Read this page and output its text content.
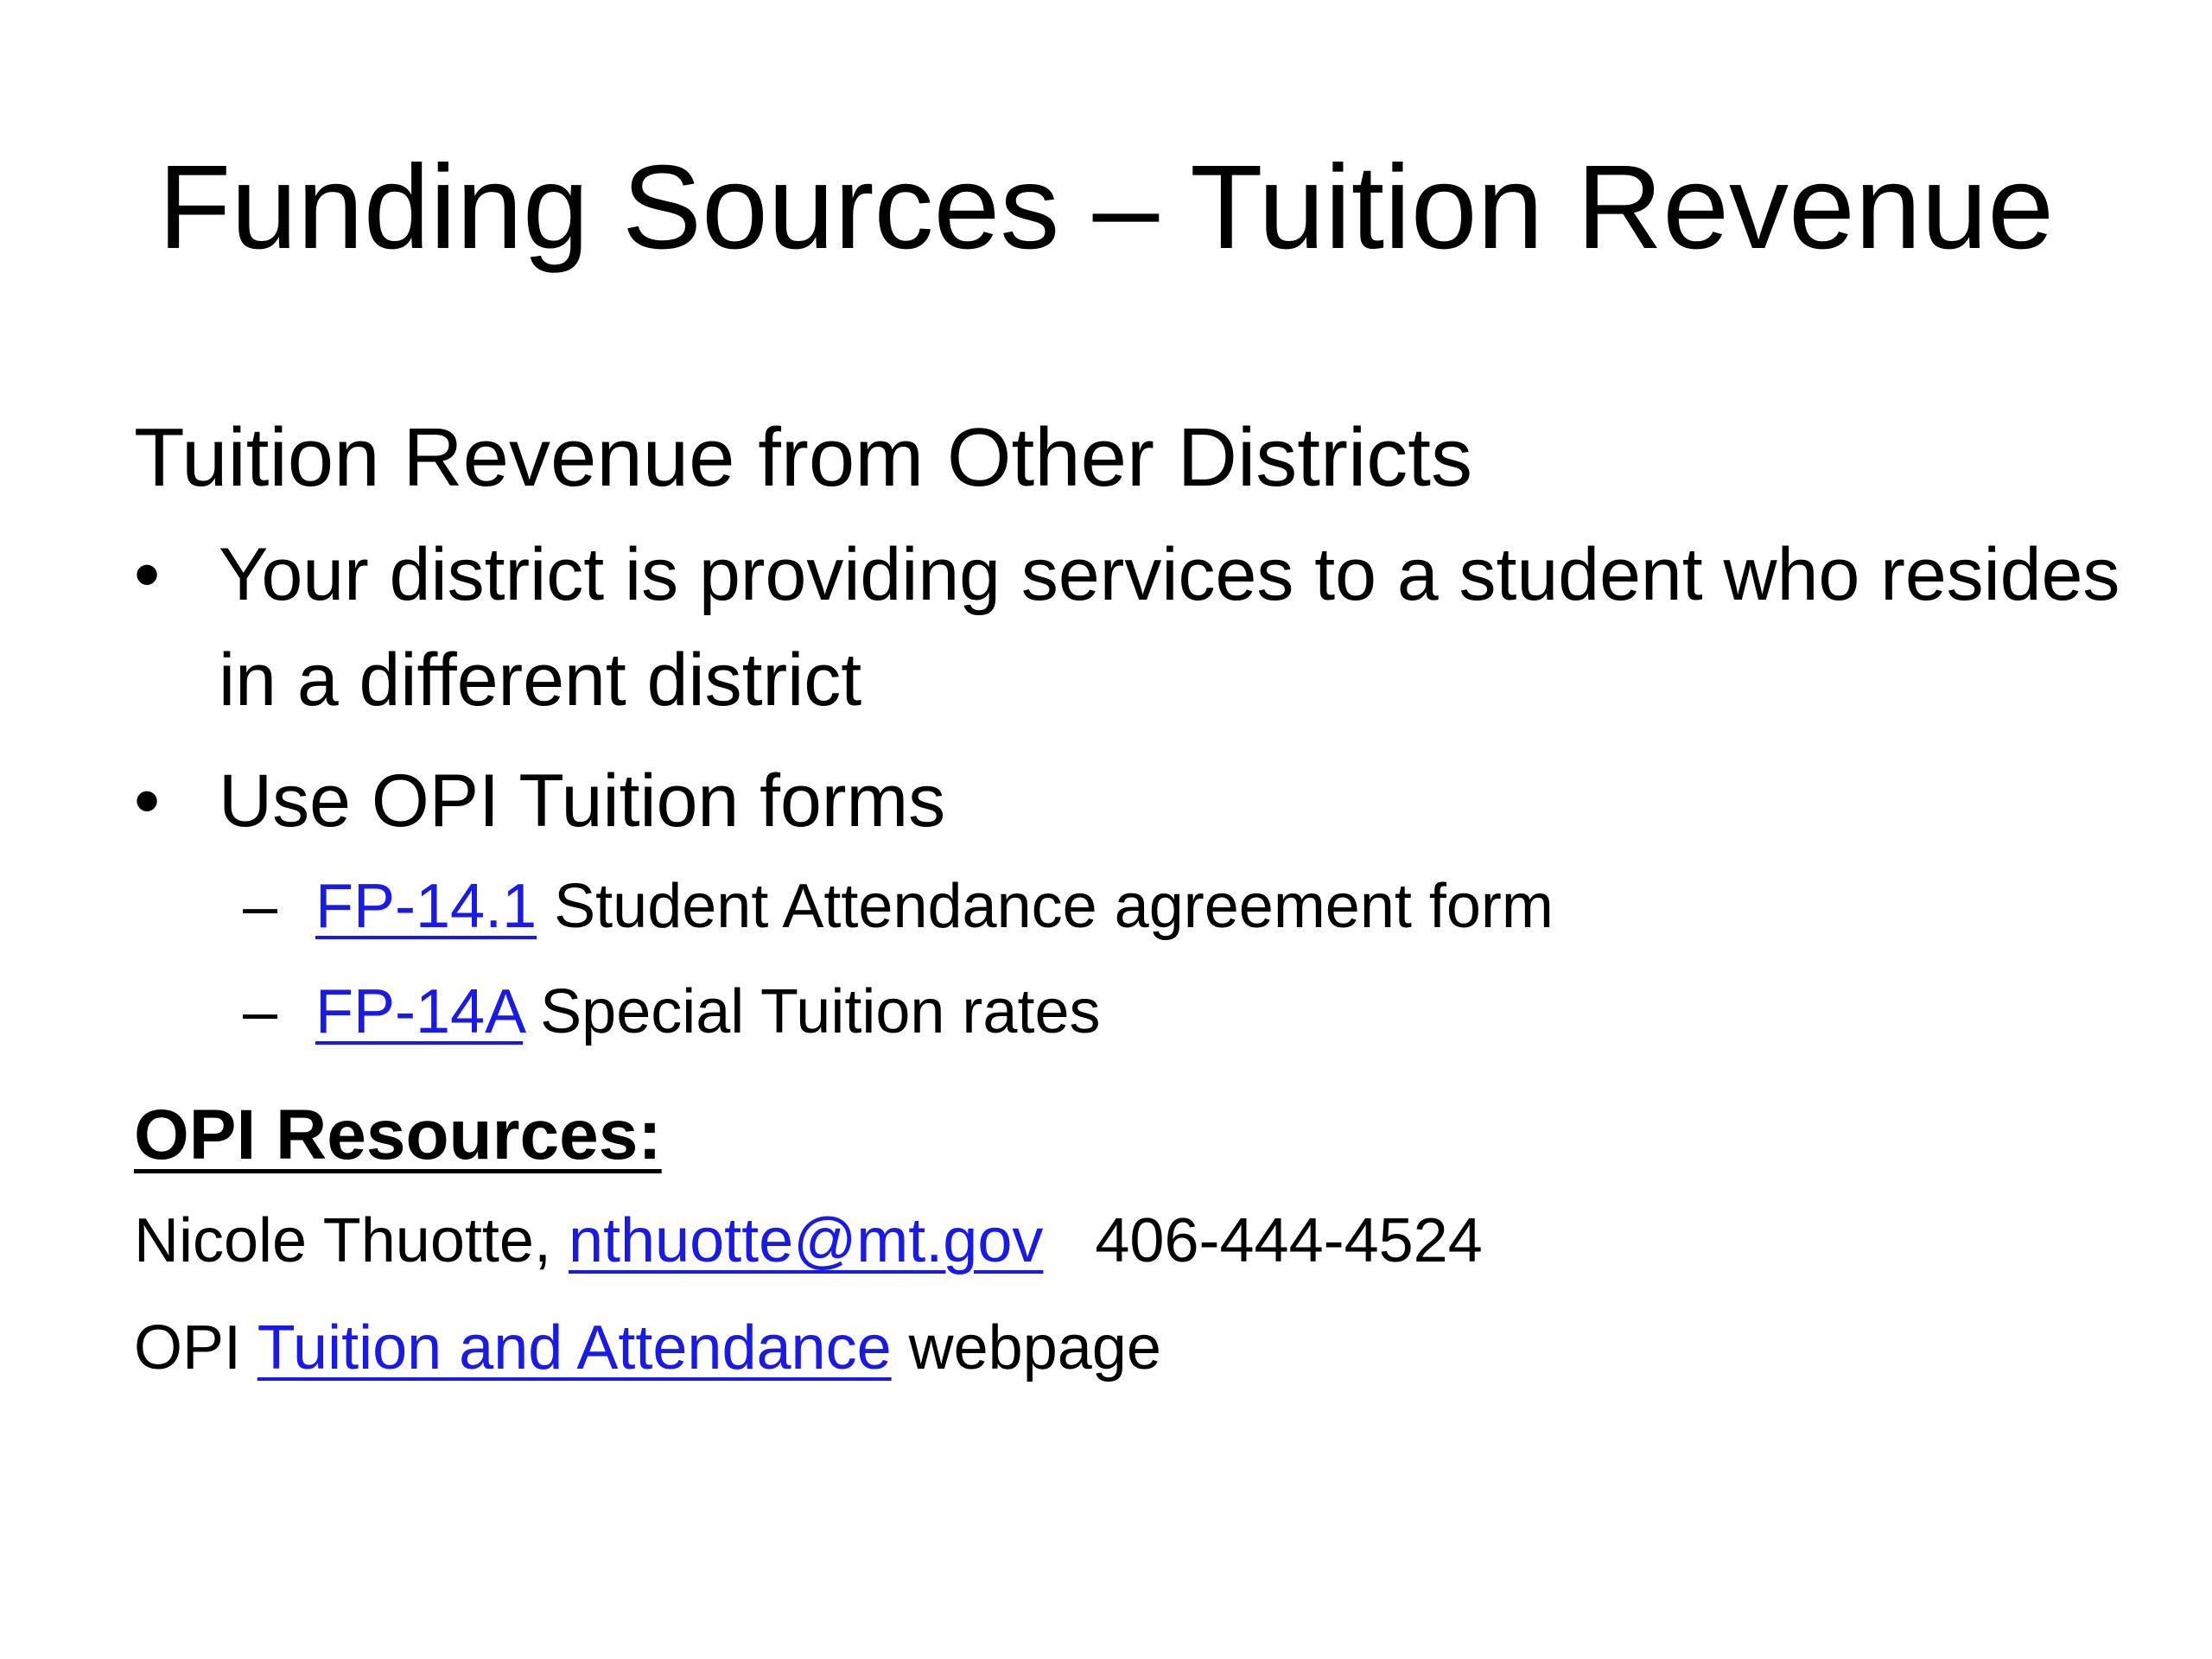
Funding Sources – Tuition Revenue
Tuition Revenue from Other Districts
• Your district is providing services to a student who resides in a different district
• Use OPI Tuition forms
– FP-14.1 Student Attendance agreement form
– FP-14A Special Tuition rates
OPI Resources:
Nicole Thuotte, nthuotte@mt.gov 406-444-4524
OPI Tuition and Attendance webpage
